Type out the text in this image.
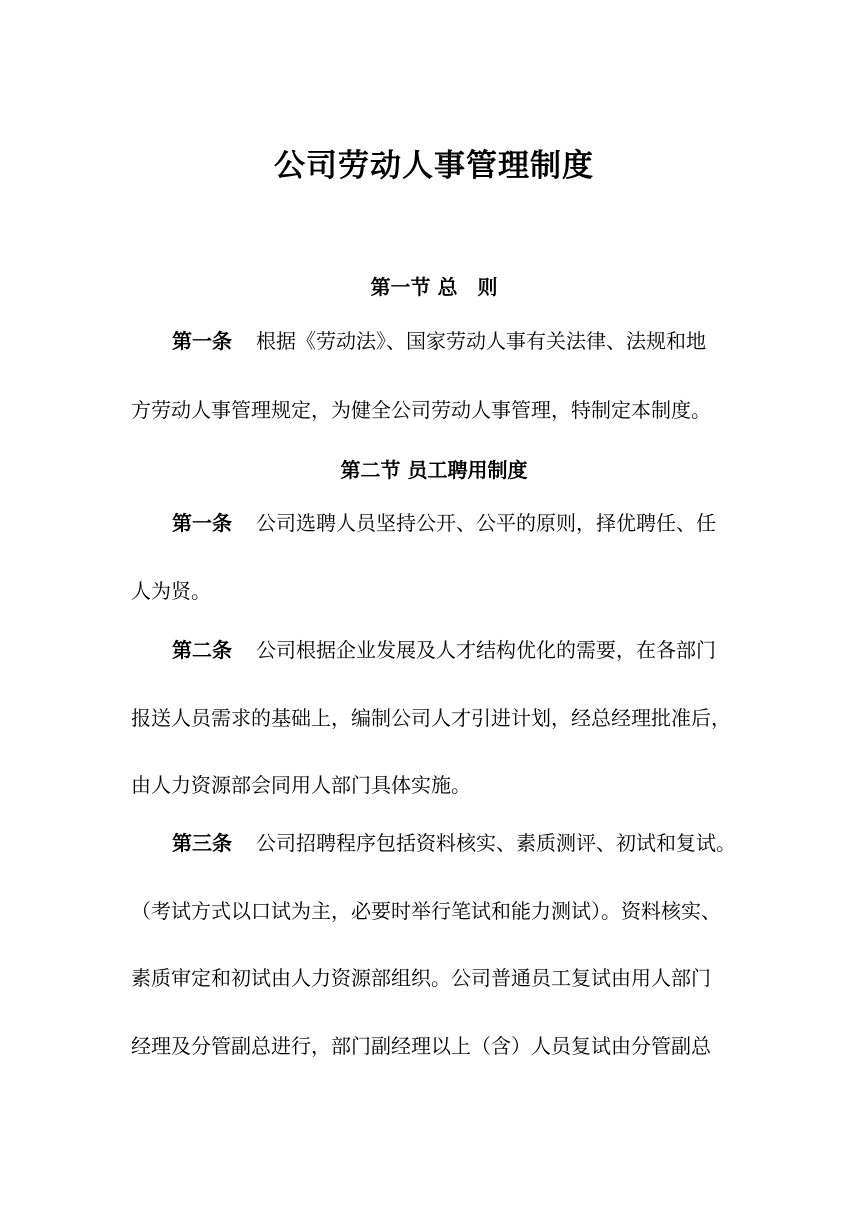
公司劳动人事管理制度
第一节 总　则
第一条 根据《劳动法》、国家劳动人事有关法律、法规和地
方劳动人事管理规定，为健全公司劳动人事管理，特制定本制度。
第二节 员工聘用制度
第一条 公司选聘人员坚持公开、公平的原则，择优聘任、任
人为贤。
第二条 公司根据企业发展及人才结构优化的需要，在各部门
报送人员需求的基础上，编制公司人才引进计划，经总经理批准后，
由人力资源部会同用人部门具体实施。
第三条 公司招聘程序包括资料核实、素质测评、初试和复试。
（考试方式以口试为主，必要时举行笔试和能力测试）。资料核实、
素质审定和初试由人力资源部组织。公司普通员工复试由用人部门
经理及分管副总进行，部门副经理以上（含）人员复试由分管副总
